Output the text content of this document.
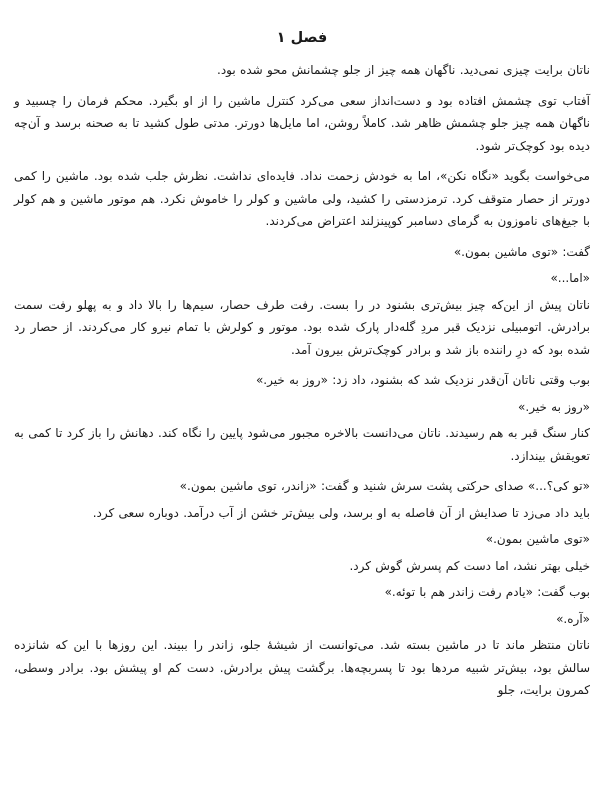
فصل ۱

ناتان برایت چیزی نمی‌دید. ناگهان همه چیز از جلو چشمانش محو شده بود.

آفتاب توی چشمش افتاده بود و دست‌انداز سعی می‌کرد کنترل ماشین را از او بگیرد. محکم فرمان را چسبید و ناگهان همه چیز جلو چشمش ظاهر شد. کاملاً روشن، اما مایل‌ها دورتر. مدتی طول کشید تا به صحنه برسد و آن‌چه دیده بود کوچک‌تر شود.

می‌خواست بگوید «نگاه نکن»، اما به خودش زحمت نداد. فایده‌ای نداشت. نظرش جلب شده بود. ماشین را کمی دورتر از حصار متوقف کرد. ترمزدستی را کشید، ولی ماشین و کولر را خاموش نکرد. هم موتور ماشین و هم کولر با جیغ‌های ناموزون به گرمای دسامبر کوپینزلند اعتراض می‌کردند.

گفت: «توی ماشین بمون.»

«اما...»

ناتان پیش از این‌که چیز بیش‌تری بشنود در را بست. رفت طرف حصار، سیم‌ها را بالا داد و به پهلو رفت سمت برادرش. اتومبیلی نزدیک قبر مردِ گله‌دار پارک شده بود. موتور و کولرش با تمام نیرو کار می‌کردند. از حصار رد شده بود که درِ راننده باز شد و برادر کوچک‌ترش بیرون آمد.

بوب وقتی ناتان آن‌قدر نزدیک شد که بشنود، داد زد: «روز به خیر.»

«روز به خیر.»

کنار سنگ قبر به هم رسیدند. ناتان می‌دانست بالاخره مجبور می‌شود پایین را نگاه کند. دهانش را باز کرد تا کمی به تعویقش بیندازد.

«تو کی؟...» صدای حرکتی پشت سرش شنید و گفت: «زاندر، توی ماشین بمون.»

باید داد می‌زد تا صدایش از آن فاصله به او برسد، ولی بیش‌تر خشن از آب درآمد. دوباره سعی کرد.

«توی ماشین بمون.»

خیلی بهتر نشد، اما دست کم پسرش گوش کرد.

بوب گفت: «یادم رفت زاندر هم با توئه.»

«آره.»

ناتان منتظر ماند تا در ماشین بسته شد. می‌توانست از شیشهٔ جلو، زاندر را ببیند. این روزها با این که شانزده سالش بود، بیش‌تر شبیه مردها بود تا پسربچه‌ها. برگشت پیش برادرش. دست کم او پیشش بود. برادر وسطی، کمرون برایت، جلو
